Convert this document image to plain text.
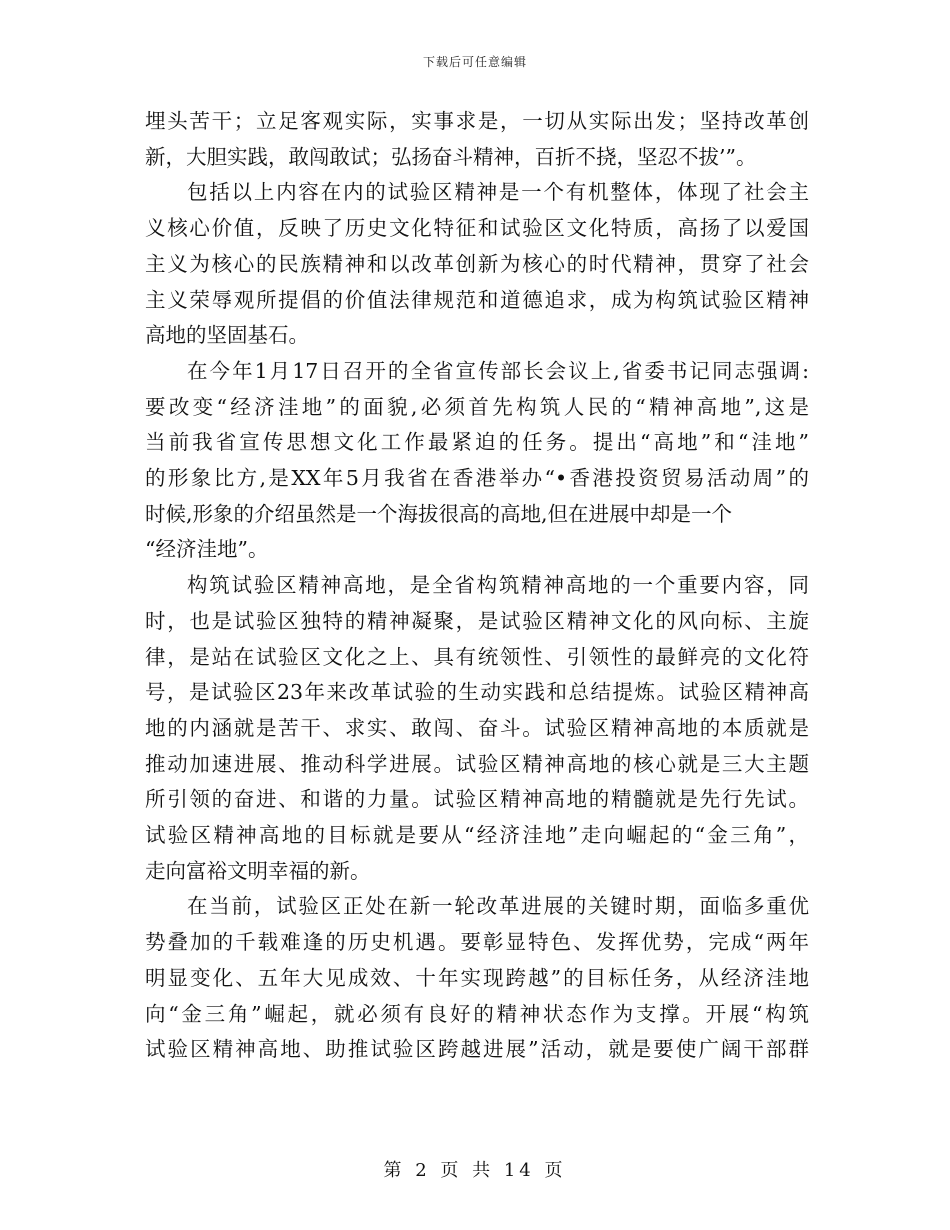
下载后可任意编辑

埋头苦干；立足客观实际，实事求是，一切从实际出发；坚持改革创
新，大胆实践，敢闯敢试；弘扬奋斗精神，百折不挠，坚忍不拔’”。

包括以上内容在内的试验区精神是一个有机整体，体现了社会主
义核心价值，反映了历史文化特征和试验区文化特质，高扬了以爱国
主义为核心的民族精神和以改革创新为核心的时代精神，贯穿了社会
主义荣辱观所提倡的价值法律规范和道德追求，成为构筑试验区精神
高地的坚固基石。

在今年1月17日召开的全省宣传部长会议上,省委书记同志强调:
要改变“经济洼地”的面貌,必须首先构筑人民的“精神高地”,这是
当前我省宣传思想文化工作最紧迫的任务。提出“高地”和“洼地”
的形象比方,是XX年5月我省在香港举办“•香港投资贸易活动周”的
时候,形象的介绍虽然是一个海拔很高的高地,但在进展中却是一个
“经济洼地”。

构筑试验区精神高地，是全省构筑精神高地的一个重要内容，同
时，也是试验区独特的精神凝聚，是试验区精神文化的风向标、主旋
律，是站在试验区文化之上、具有统领性、引领性的最鲜亮的文化符
号，是试验区23年来改革试验的生动实践和总结提炼。试验区精神高
地的内涵就是苦干、求实、敢闯、奋斗。试验区精神高地的本质就是
推动加速进展、推动科学进展。试验区精神高地的核心就是三大主题
所引领的奋进、和谐的力量。试验区精神高地的精髓就是先行先试。
试验区精神高地的目标就是要从“经济洼地”走向崛起的“金三角”，
走向富裕文明幸福的新。

在当前，试验区正处在新一轮改革进展的关键时期，面临多重优
势叠加的千载难逢的历史机遇。要彰显特色、发挥优势，完成“两年
明显变化、五年大见成效、十年实现跨越”的目标任务，从经济洼地
向“金三角”崛起，就必须有良好的精神状态作为支撑。开展“构筑
试验区精神高地、助推试验区跨越进展”活动，就是要使广阔干部群

第 2 页 共 14 页
